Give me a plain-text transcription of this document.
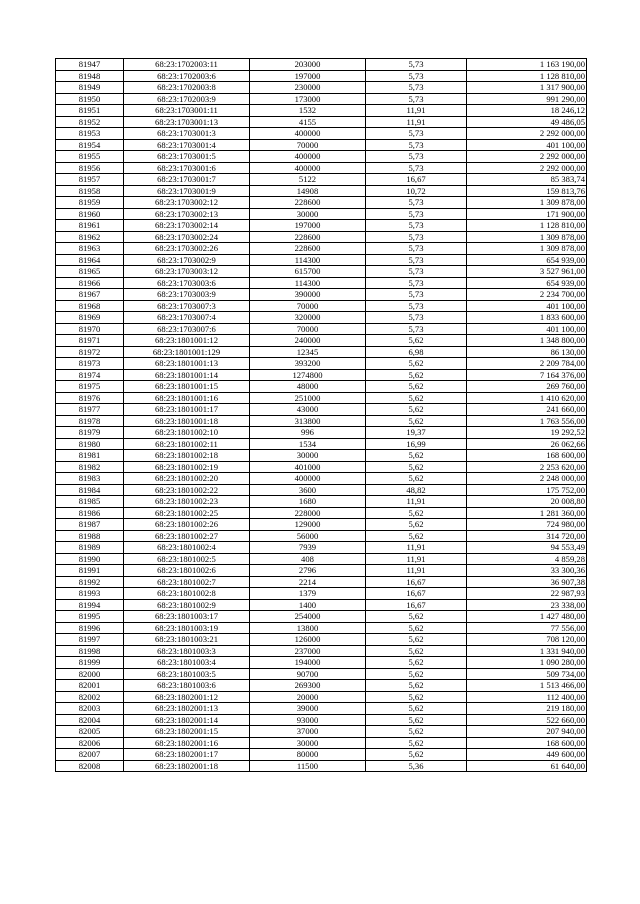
81947	68:23:1702003:11	203000	5,73	1 163 190,00
81948	68:23:1702003:6	197000	5,73	1 128 810,00
81949	68:23:1702003:8	230000	5,73	1 317 900,00
81950	68:23:1702003:9	173000	5,73	991 290,00
81951	68:23:1703001:11	1532	11,91	18 246,12
81952	68:23:1703001:13	4155	11,91	49 486,05
81953	68:23:1703001:3	400000	5,73	2 292 000,00
81954	68:23:1703001:4	70000	5,73	401 100,00
81955	68:23:1703001:5	400000	5,73	2 292 000,00
81956	68:23:1703001:6	400000	5,73	2 292 000,00
81957	68:23:1703001:7	5122	16,67	85 383,74
81958	68:23:1703001:9	14908	10,72	159 813,76
81959	68:23:1703002:12	228600	5,73	1 309 878,00
81960	68:23:1703002:13	30000	5,73	171 900,00
81961	68:23:1703002:14	197000	5,73	1 128 810,00
81962	68:23:1703002:24	228600	5,73	1 309 878,00
81963	68:23:1703002:26	228600	5,73	1 309 878,00
81964	68:23:1703002:9	114300	5,73	654 939,00
81965	68:23:1703003:12	615700	5,73	3 527 961,00
81966	68:23:1703003:6	114300	5,73	654 939,00
81967	68:23:1703003:9	390000	5,73	2 234 700,00
81968	68:23:1703007:3	70000	5,73	401 100,00
81969	68:23:1703007:4	320000	5,73	1 833 600,00
81970	68:23:1703007:6	70000	5,73	401 100,00
81971	68:23:1801001:12	240000	5,62	1 348 800,00
81972	68:23:1801001:129	12345	6,98	86 130,00
81973	68:23:1801001:13	393200	5,62	2 209 784,00
81974	68:23:1801001:14	1274800	5,62	7 164 376,00
81975	68:23:1801001:15	48000	5,62	269 760,00
81976	68:23:1801001:16	251000	5,62	1 410 620,00
81977	68:23:1801001:17	43000	5,62	241 660,00
81978	68:23:1801001:18	313800	5,62	1 763 556,00
81979	68:23:1801002:10	996	19,37	19 292,52
81980	68:23:1801002:11	1534	16,99	26 062,66
81981	68:23:1801002:18	30000	5,62	168 600,00
81982	68:23:1801002:19	401000	5,62	2 253 620,00
81983	68:23:1801002:20	400000	5,62	2 248 000,00
81984	68:23:1801002:22	3600	48,82	175 752,00
81985	68:23:1801002:23	1680	11,91	20 008,80
81986	68:23:1801002:25	228000	5,62	1 281 360,00
81987	68:23:1801002:26	129000	5,62	724 980,00
81988	68:23:1801002:27	56000	5,62	314 720,00
81989	68:23:1801002:4	7939	11,91	94 553,49
81990	68:23:1801002:5	408	11,91	4 859,28
81991	68:23:1801002:6	2796	11,91	33 300,36
81992	68:23:1801002:7	2214	16,67	36 907,38
81993	68:23:1801002:8	1379	16,67	22 987,93
81994	68:23:1801002:9	1400	16,67	23 338,00
81995	68:23:1801003:17	254000	5,62	1 427 480,00
81996	68:23:1801003:19	13800	5,62	77 556,00
81997	68:23:1801003:21	126000	5,62	708 120,00
81998	68:23:1801003:3	237000	5,62	1 331 940,00
81999	68:23:1801003:4	194000	5,62	1 090 280,00
82000	68:23:1801003:5	90700	5,62	509 734,00
82001	68:23:1801003:6	269300	5,62	1 513 466,00
82002	68:23:1802001:12	20000	5,62	112 400,00
82003	68:23:1802001:13	39000	5,62	219 180,00
82004	68:23:1802001:14	93000	5,62	522 660,00
82005	68:23:1802001:15	37000	5,62	207 940,00
82006	68:23:1802001:16	30000	5,62	168 600,00
82007	68:23:1802001:17	80000	5,62	449 600,00
82008	68:23:1802001:18	11500	5,36	61 640,00
